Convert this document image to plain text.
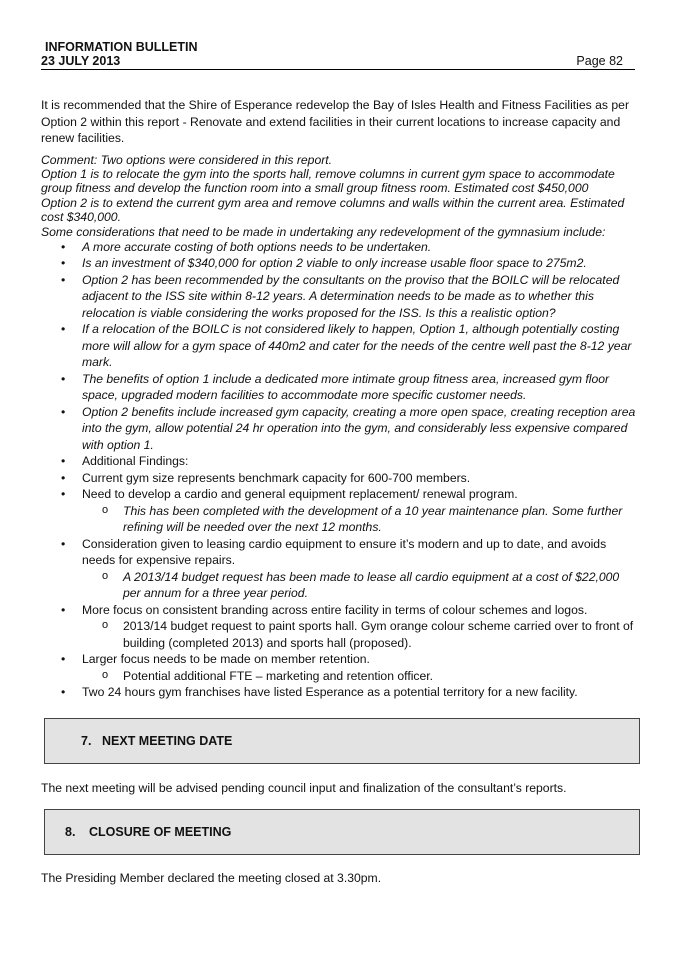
INFORMATION BULLETIN
23 JULY 2013	Page 82

It is recommended that the Shire of Esperance redevelop the Bay of Isles Health and Fitness Facilities as per Option 2 within this report - Renovate and extend facilities in their current locations to increase capacity and renew facilities.

Comment: Two options were considered in this report.

Option 1 is to relocate the gym into the sports hall, remove columns in current gym space to accommodate group fitness and develop the function room into a small group fitness room. Estimated cost $450,000

Option 2 is to extend the current gym area and remove columns and walls within the current area. Estimated cost $340,000.

Some considerations that need to be made in undertaking any redevelopment of the gymnasium include:

• A more accurate costing of both options needs to be undertaken.
• Is an investment of $340,000 for option 2 viable to only increase usable floor space to 275m2.
• Option 2 has been recommended by the consultants on the proviso that the BOILC will be relocated adjacent to the ISS site within 8-12 years. A determination needs to be made as to whether this relocation is viable considering the works proposed for the ISS. Is this a realistic option?
• If a relocation of the BOILC is not considered likely to happen, Option 1, although potentially costing more will allow for a gym space of 440m2 and cater for the needs of the centre well past the 8-12 year mark.
• The benefits of option 1 include a dedicated more intimate group fitness area, increased gym floor space, upgraded modern facilities to accommodate more specific customer needs.
• Option 2 benefits include increased gym capacity, creating a more open space, creating reception area into the gym, allow potential 24 hr operation into the gym, and considerably less expensive compared with option 1.
• Additional Findings:
• Current gym size represents benchmark capacity for 600-700 members.
• Need to develop a cardio and general equipment replacement/ renewal program.
o This has been completed with the development of a 10 year maintenance plan. Some further refining will be needed over the next 12 months.
• Consideration given to leasing cardio equipment to ensure it’s modern and up to date, and avoids needs for expensive repairs.
o A 2013/14 budget request has been made to lease all cardio equipment at a cost of $22,000 per annum for a three year period.
• More focus on consistent branding across entire facility in terms of colour schemes and logos.
o 2013/14 budget request to paint sports hall. Gym orange colour scheme carried over to front of building (completed 2013) and sports hall (proposed).
• Larger focus needs to be made on member retention.
o Potential additional FTE – marketing and retention officer.
• Two 24 hours gym franchises have listed Esperance as a potential territory for a new facility.
7. NEXT MEETING DATE

The next meeting will be advised pending council input and finalization of the consultant’s reports.

8. CLOSURE OF MEETING

The Presiding Member declared the meeting closed at 3.30pm.
